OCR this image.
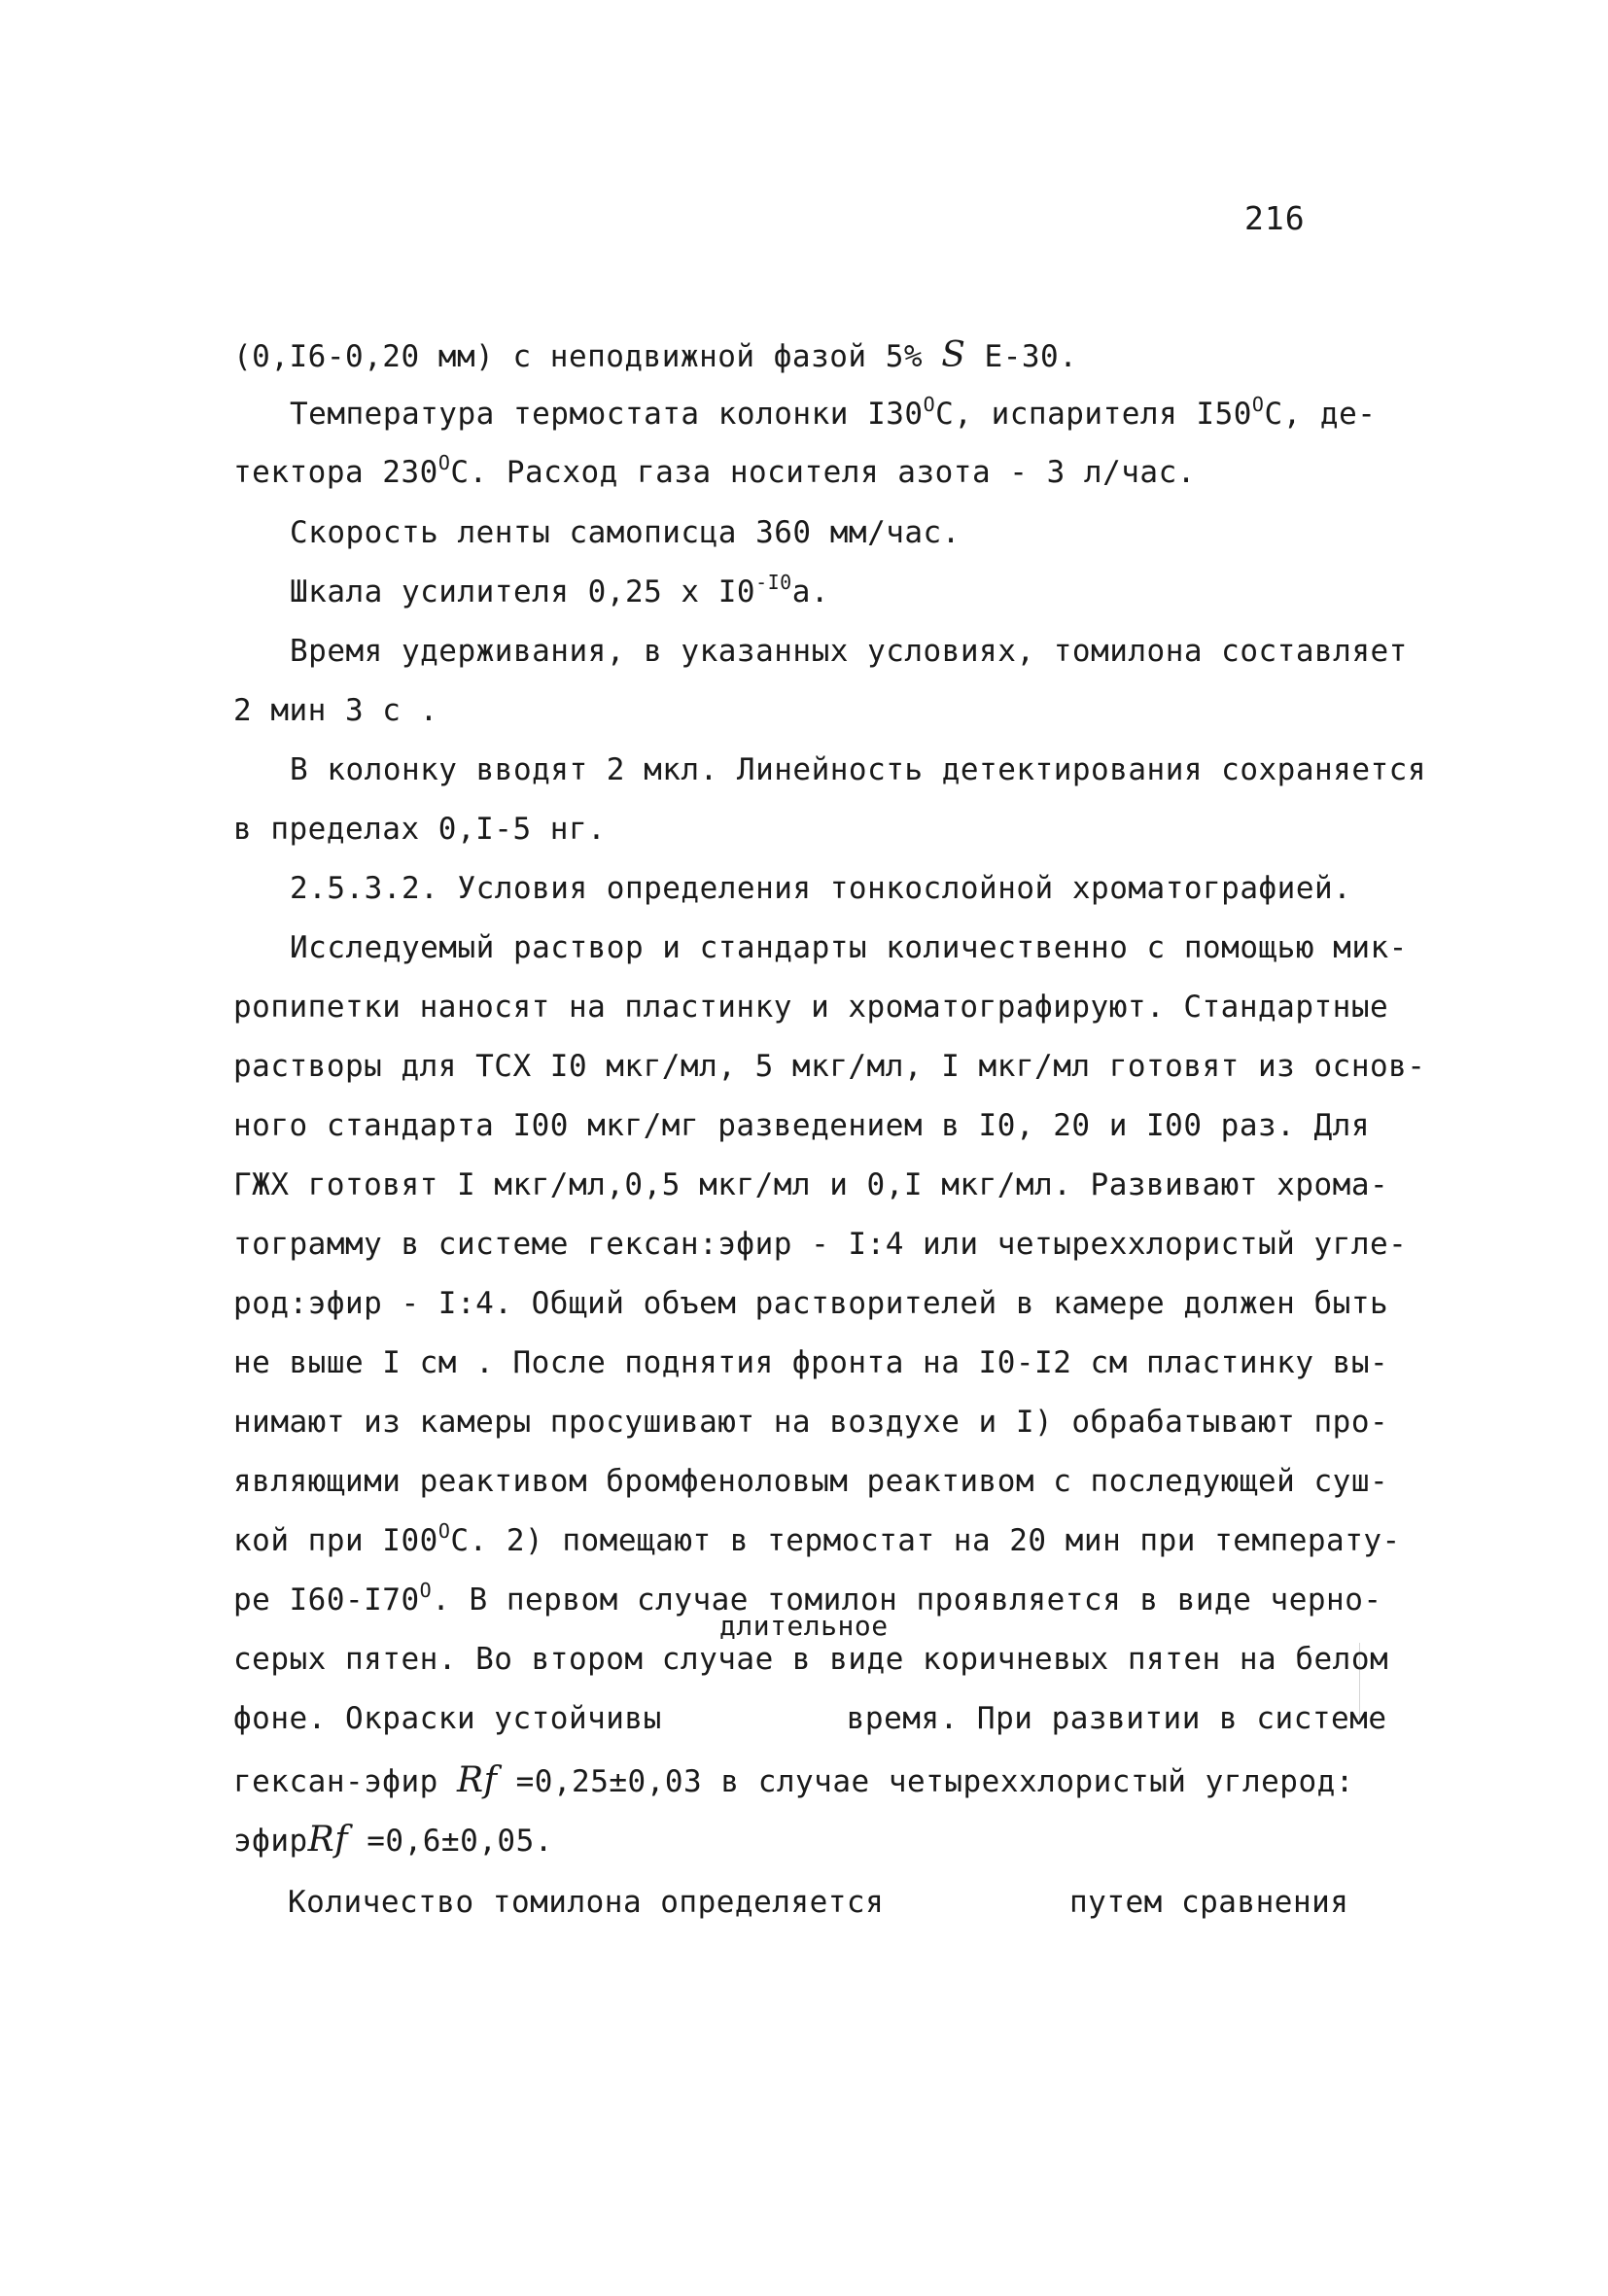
216
(0,I6-0,20 мм) с неподвижной фазой 5% S Е-30.
Температура термостата колонки $I30^ОС$, испарителя $I50^ОС$, де-
тектора $230^ОС$. Расход газа носителя азота - 3 л/час.
Скорость ленты самописца 360 мм/час.
Шкала усилителя 0,25 х $I0^{-I0}а$.
Время удерживания, в указанных условиях, томилона составляет
2 мин 3 с .
В колонку вводят 2 мкл. Линейность детектирования сохраняется
в пределах 0,I-5 нг.
2.5.3.2. Условия определения тонкослойной хроматографией.
Исследуемый раствор и стандарты количественно с помощью мик-
ропипетки наносят на пластинку и хроматографируют. Стандартные
растворы для ТСХ I0 мкг/мл, 5 мкг/мл, I мкг/мл готовят из основ-
ного стандарта I00 мкг/мг разведением в I0, 20 и I00 раз. Для
ГЖХ готовят I мкг/мл,0,5 мкг/мл и 0,I мкг/мл. Развивают хрома-
тограмму в системе гексан:эфир - I:4 или четыреххлористый угле-
род:эфир - I:4. Общий объем растворителей в камере должен быть
не выше I см . После поднятия фронта на I0-I2 см пластинку вы-
нимают из камеры просушивают на воздухе и I) обрабатывают про-
являющими реактивом бромфеноловым реактивом с последующей суш-
кой при $I00^ОС$. 2) помещают в термостат на 20 мин при температу-
ре $I60-I70^О$. В первом случае томилон проявляется в виде черно-
серых пятен. Во втором случае в виде коричневых пятен на белом
длительное
фоне. Окраски устойчивы	время. При развитии в системе
гексан-эфир Rf =0,25±0,03 в случае четыреххлористый углерод:
эфирRf =0,6±0,05.
Количество томилона определяется	путем сравнения
